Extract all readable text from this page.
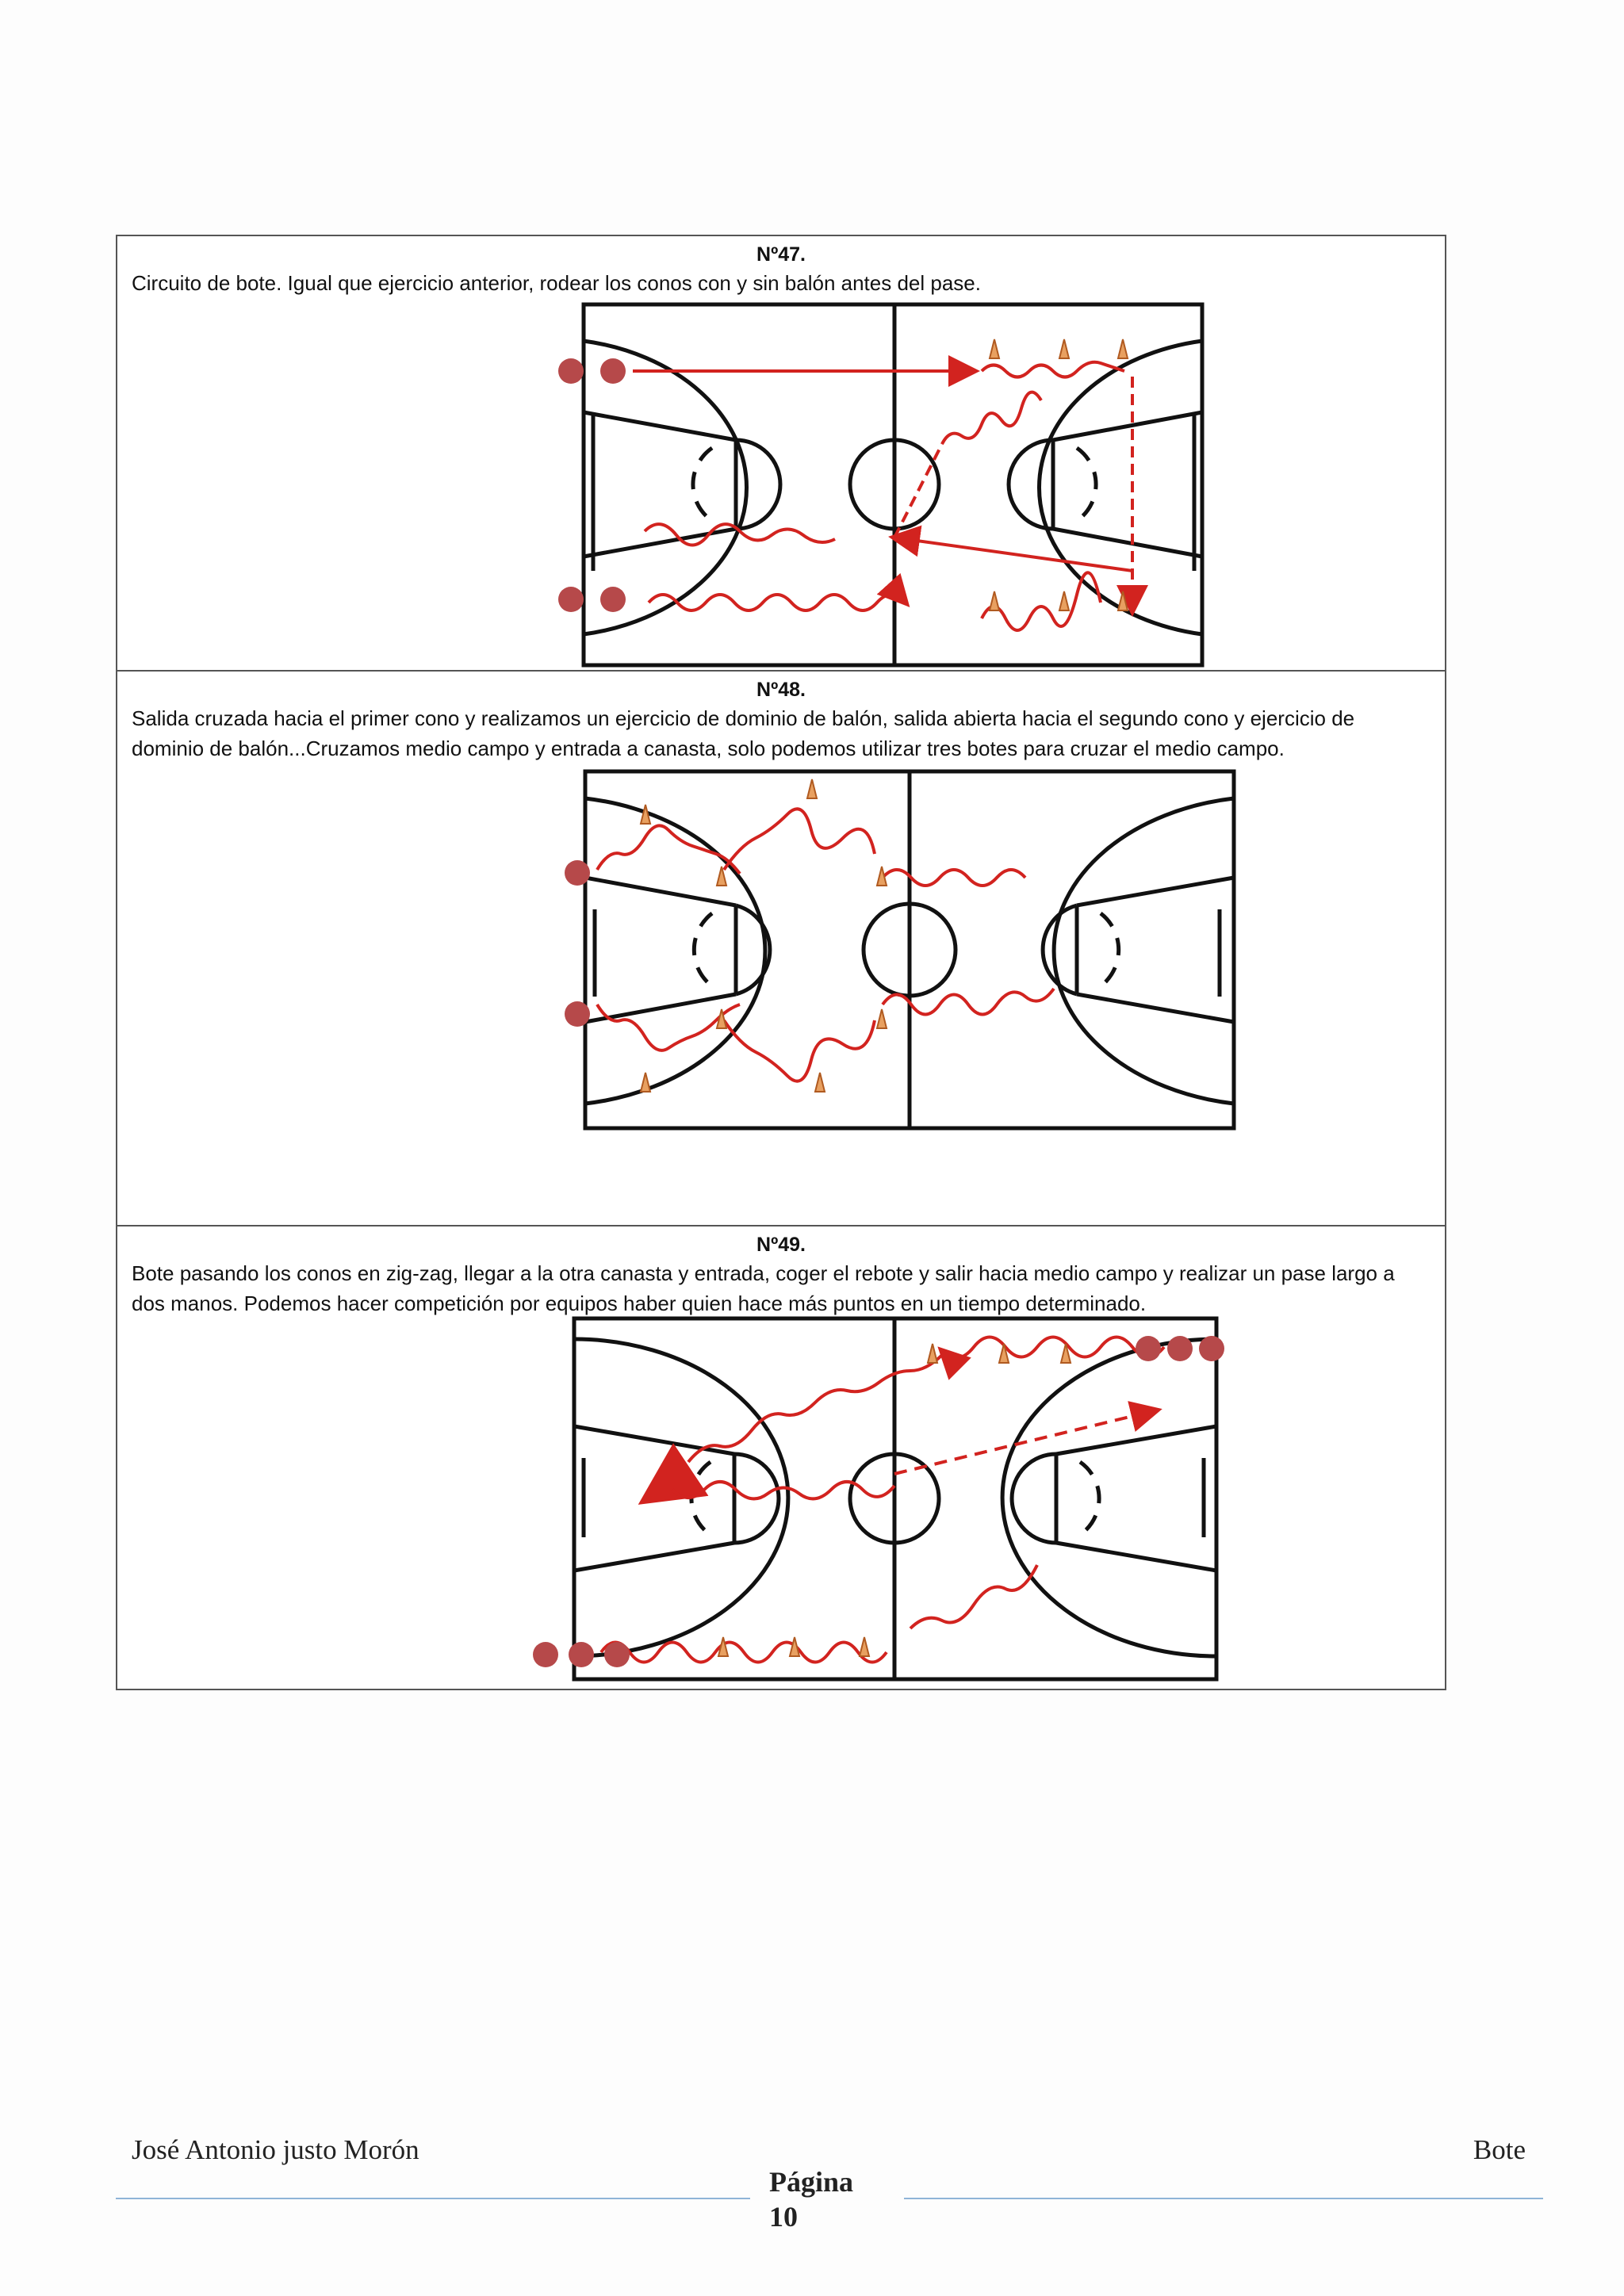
Nº47.
Circuito de bote. Igual que ejercicio anterior, rodear los conos con y sin balón antes del pase.
Nº48.
Salida cruzada hacia el primer cono y realizamos un ejercicio de dominio de balón, salida abierta hacia el segundo cono y ejercicio de dominio de balón...Cruzamos medio campo y entrada a canasta, solo podemos utilizar tres botes para cruzar el medio campo.
Nº49.
Bote pasando los conos en zig-zag, llegar a la otra canasta y entrada, coger el rebote y salir hacia medio campo y realizar un pase largo a dos manos. Podemos hacer competición por equipos haber quien hace más puntos en un tiempo determinado.
José Antonio justo Morón	Bote
Página
10
